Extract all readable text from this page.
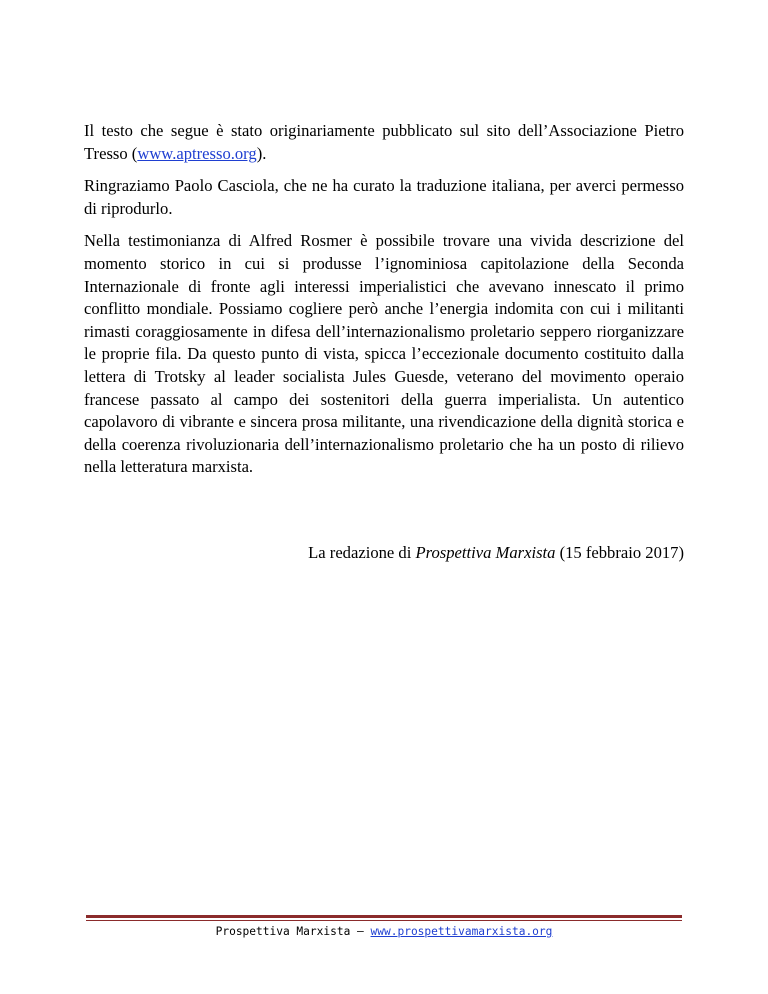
Il testo che segue è stato originariamente pubblicato sul sito dell’Associazione Pietro Tresso (www.aptresso.org).

Ringraziamo Paolo Casciola, che ne ha curato la traduzione italiana, per averci permesso di riprodurlo.

Nella testimonianza di Alfred Rosmer è possibile trovare una vivida descrizione del momento storico in cui si produsse l’ignominiosa capitolazione della Seconda Internazionale di fronte agli interessi imperialistici che avevano innescato il primo conflitto mondiale. Possiamo cogliere però anche l’energia indomita con cui i militanti rimasti coraggiosamente in difesa dell’internazionalismo proletario seppero riorganizzare le proprie fila. Da questo punto di vista, spicca l’eccezionale documento costituito dalla lettera di Trotsky al leader socialista Jules Guesde, veterano del movimento operaio francese passato al campo dei sostenitori della guerra imperialista. Un autentico capolavoro di vibrante e sincera prosa militante, una rivendicazione della dignità storica e della coerenza rivoluzionaria dell’internazionalismo proletario che ha un posto di rilievo nella letteratura marxista.

La redazione di Prospettiva Marxista (15 febbraio 2017)
Prospettiva Marxista – www.prospettivamarxista.org
